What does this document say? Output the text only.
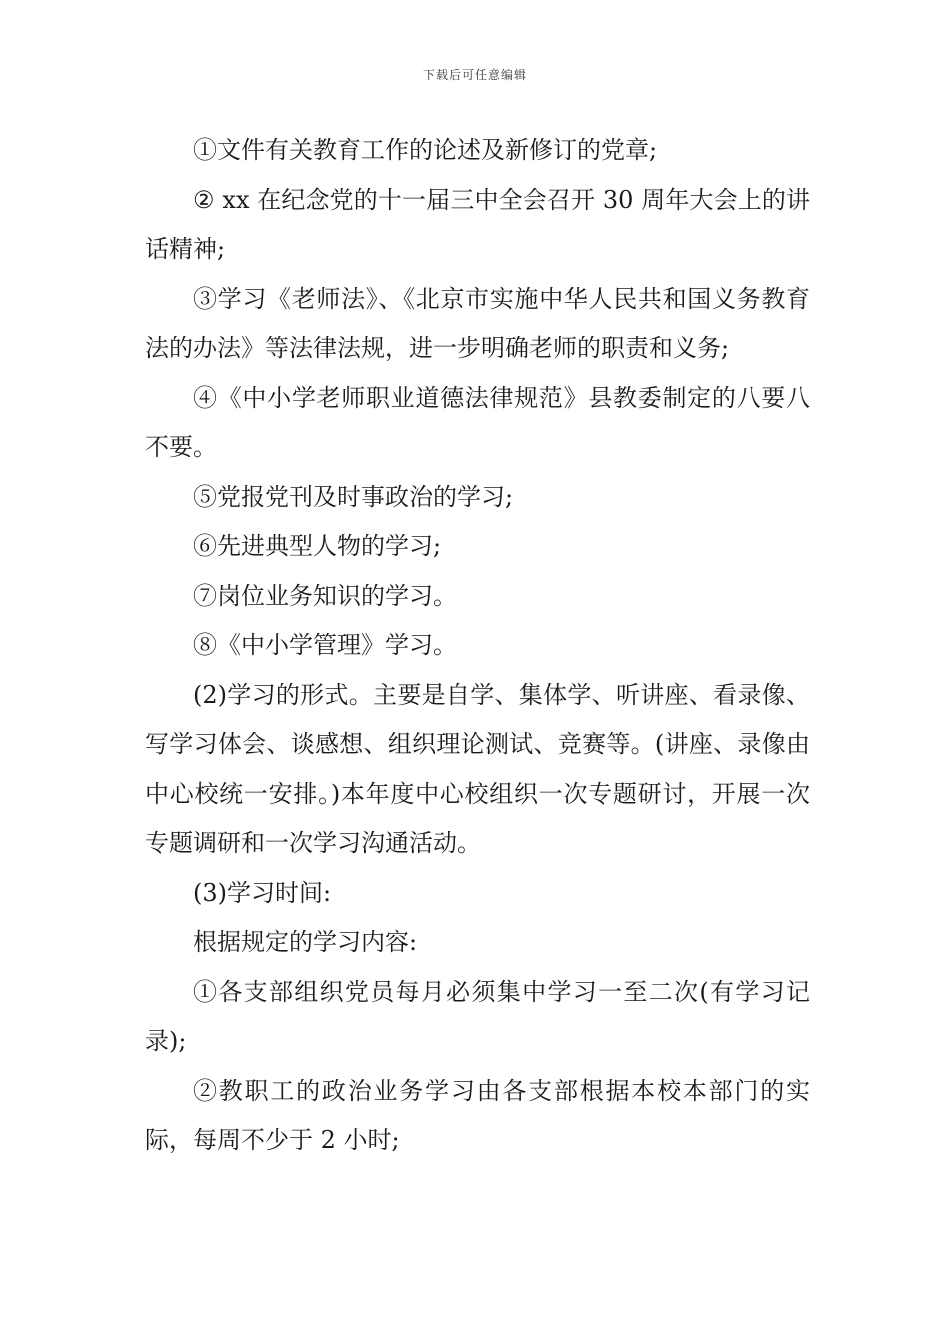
下载后可任意编辑

①文件有关教育工作的论述及新修订的党章;

② xx 在纪念党的十一届三中全会召开 30 周年大会上的讲话精神;

③学习《老师法》、《北京市实施中华人民共和国义务教育法的办法》等法律法规，进一步明确老师的职责和义务;

④《中小学老师职业道德法律规范》县教委制定的八要八不要。

⑤党报党刊及时事政治的学习;

⑥先进典型人物的学习;

⑦岗位业务知识的学习。

⑧《中小学管理》学习。

(2)学习的形式。主要是自学、集体学、听讲座、看录像、写学习体会、谈感想、组织理论测试、竞赛等。(讲座、录像由中心校统一安排。)本年度中心校组织一次专题研讨，开展一次专题调研和一次学习沟通活动。

(3)学习时间:

根据规定的学习内容:

①各支部组织党员每月必须集中学习一至二次(有学习记录);

②教职工的政治业务学习由各支部根据本校本部门的实际，每周不少于 2 小时;
